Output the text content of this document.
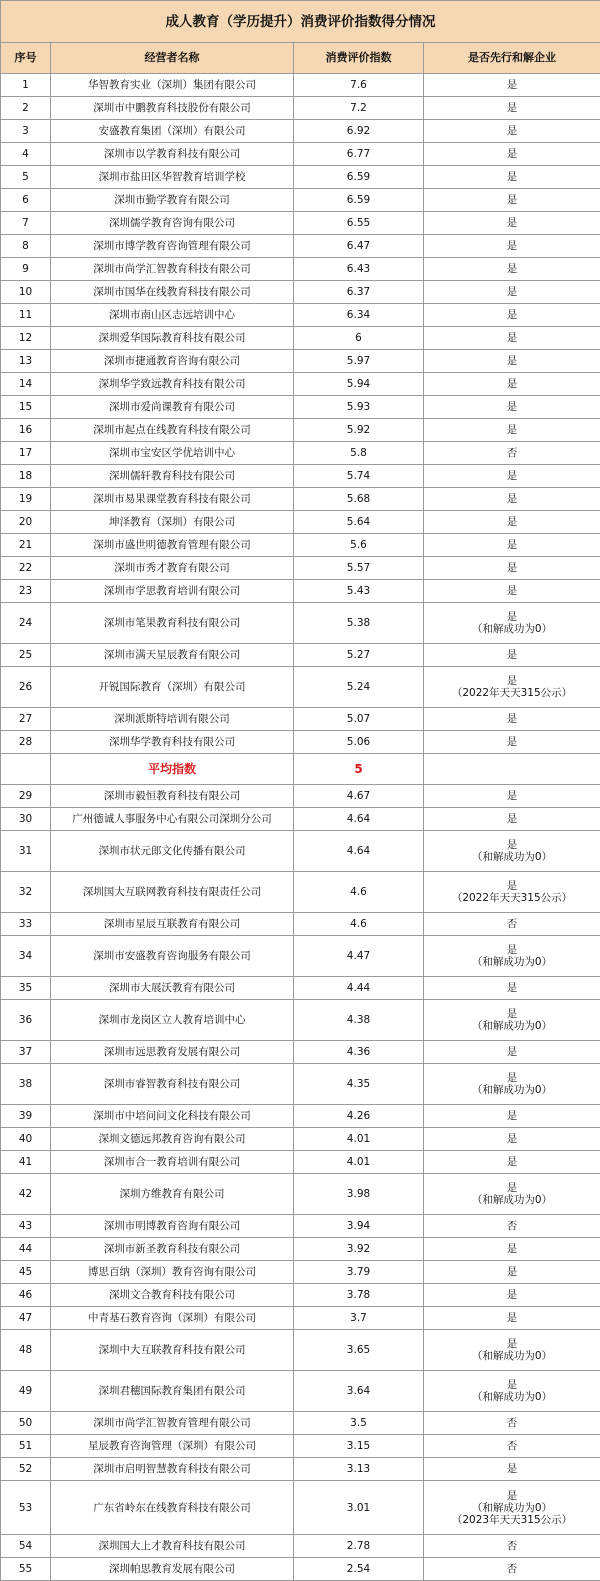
成人教育（学历提升）消费评价指数得分情况			
序号	经营者名称	消费评价指数	是否先行和解企业
1	华智教育实业（深圳）集团有限公司	7.6	是

2	深圳市中鹏教育科技股份有限公司	7.2	是

3	安盛教育集团（深圳）有限公司	6.92	是

4	深圳市以学教育科技有限公司	6.77	是

5	深圳市盐田区华智教育培训学校	6.59	是

6	深圳市勤学教育有限公司	6.59	是

7	深圳儒学教育咨询有限公司	6.55	是

8	深圳市博学教育咨询管理有限公司	6.47	是

9	深圳市尚学汇智教育科技有限公司	6.43	是

10	深圳市国华在线教育科技有限公司	6.37	是

11	深圳市南山区志远培训中心	6.34	是

12	深圳爱华国际教育科技有限公司	6	是

13	深圳市捷通教育咨询有限公司	5.97	是

14	深圳华学致远教育科技有限公司	5.94	是

15	深圳市爱尚课教育有限公司	5.93	是

16	深圳市起点在线教育科技有限公司	5.92	是

17	深圳市宝安区学优培训中心	5.8	否

18	深圳儒轩教育科技有限公司	5.74	是

19	深圳市易果课堂教育科技有限公司	5.68	是

20	坤泽教育（深圳）有限公司	5.64	是

21	深圳市盛世明德教育管理有限公司	5.6	是

22	深圳市秀才教育有限公司	5.57	是

23	深圳市学思教育培训有限公司	5.43	是

24	深圳市笔果教育科技有限公司	5.38	是
（和解成功为0）

25	深圳市满天星辰教育有限公司	5.27	是

26	开锐国际教育（深圳）有限公司	5.24	是
（2022年天天315公示）

27	深圳派斯特培训有限公司	5.07	是

28	深圳华学教育科技有限公司	5.06	是

	平均指数	5	
29	深圳市毅恒教育科技有限公司	4.67	是

30	广州德诚人事服务中心有限公司深圳分公司	4.64	是

31	深圳市状元郎文化传播有限公司	4.64	是
（和解成功为0）

32	深圳国大互联网教育科技有限责任公司	4.6	是
（2022年天天315公示）

33	深圳市星辰互联教育有限公司	4.6	否

34	深圳市安盛教育咨询服务有限公司	4.47	是
（和解成功为0）

35	深圳市大展沃教育有限公司	4.44	是

36	深圳市龙岗区立人教育培训中心	4.38	是
（和解成功为0）

37	深圳市远思教育发展有限公司	4.36	是

38	深圳市睿智教育科技有限公司	4.35	是
（和解成功为0）

39	深圳市中培问问文化科技有限公司	4.26	是

40	深圳文德远邦教育咨询有限公司	4.01	是

41	深圳市合一教育培训有限公司	4.01	是

42	深圳方维教育有限公司	3.98	是
（和解成功为0）

43	深圳市明博教育咨询有限公司	3.94	否

44	深圳市新圣教育科技有限公司	3.92	是

45	博思百纳（深圳）教育咨询有限公司	3.79	是

46	深圳文合教育科技有限公司	3.78	是

47	中青基石教育咨询（深圳）有限公司	3.7	是

48	深圳中大互联教育科技有限公司	3.65	是
（和解成功为0）

49	深圳君穗国际教育集团有限公司	3.64	是
（和解成功为0）

50	深圳市尚学汇智教育管理有限公司	3.5	否

51	星辰教育咨询管理（深圳）有限公司	3.15	否

52	深圳市启明智慧教育科技有限公司	3.13	是

53	广东省岭东在线教育科技有限公司	3.01	是
（和解成功为0）
（2023年天天315公示）

54	深圳国大上才教育科技有限公司	2.78	否

55	深圳帕思教育发展有限公司	2.54	否
